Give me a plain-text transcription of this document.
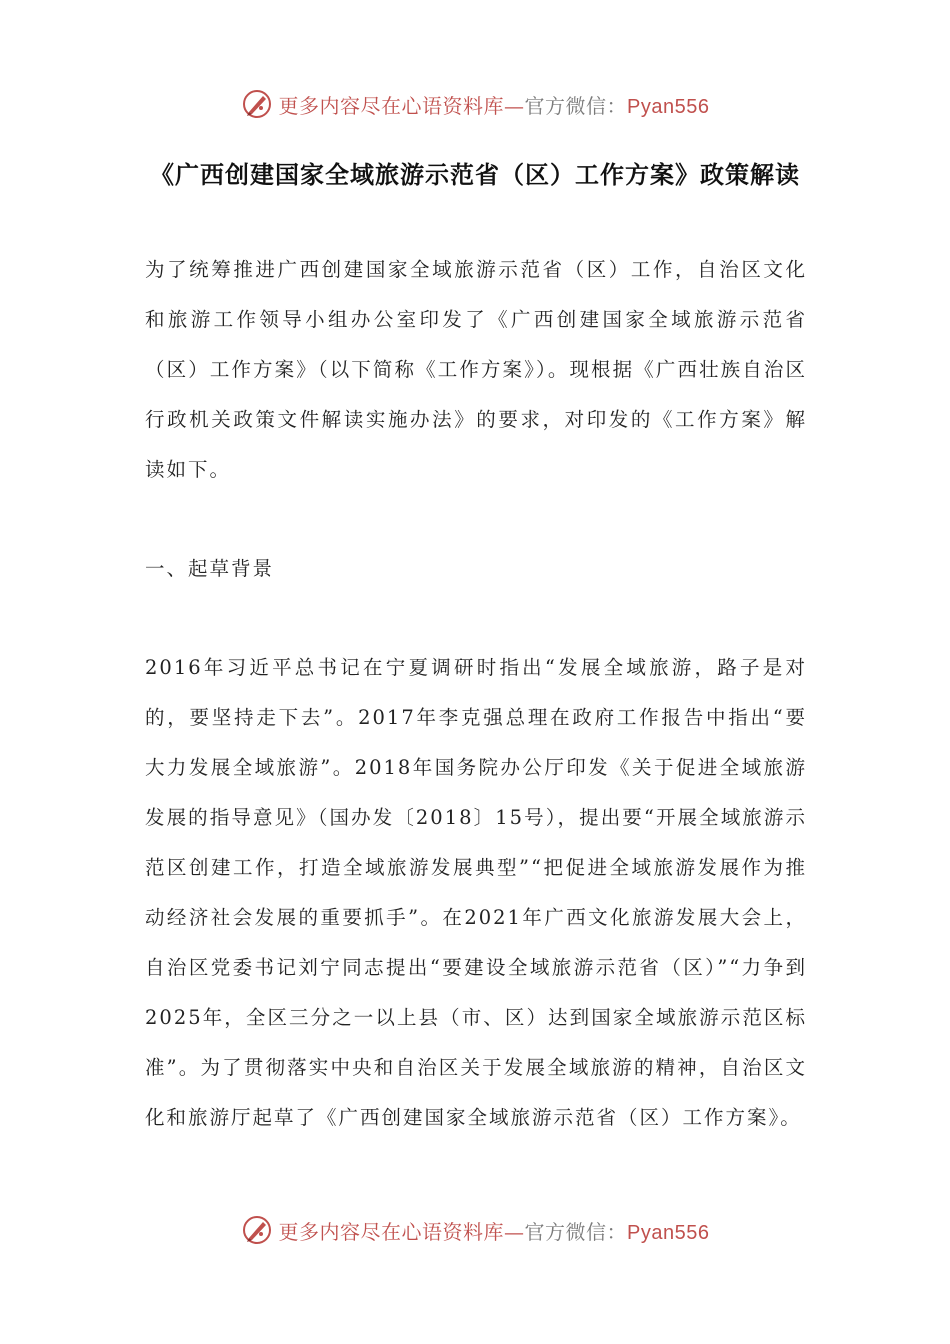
更多内容尽在心语资料库—官方微信：Pyan556
《广西创建国家全域旅游示范省（区）工作方案》政策解读
为了统筹推进广西创建国家全域旅游示范省（区）工作，自治区文化和旅游工作领导小组办公室印发了《广西创建国家全域旅游示范省（区）工作方案》（以下简称《工作方案》）。现根据《广西壮族自治区行政机关政策文件解读实施办法》的要求，对印发的《工作方案》解读如下。
一、起草背景
2016年习近平总书记在宁夏调研时指出“发展全域旅游，路子是对的，要坚持走下去”。2017年李克强总理在政府工作报告中指出“要大力发展全域旅游”。2018年国务院办公厅印发《关于促进全域旅游发展的指导意见》（国办发〔2018〕15号），提出要“开展全域旅游示范区创建工作，打造全域旅游发展典型”“把促进全域旅游发展作为推动经济社会发展的重要抓手”。在2021年广西文化旅游发展大会上，自治区党委书记刘宁同志提出“要建设全域旅游示范省（区）”“力争到2025年，全区三分之一以上县（市、区）达到国家全域旅游示范区标准”。为了贯彻落实中央和自治区关于发展全域旅游的精神，自治区文化和旅游厅起草了《广西创建国家全域旅游示范省（区）工作方案》。
更多内容尽在心语资料库—官方微信：Pyan556
